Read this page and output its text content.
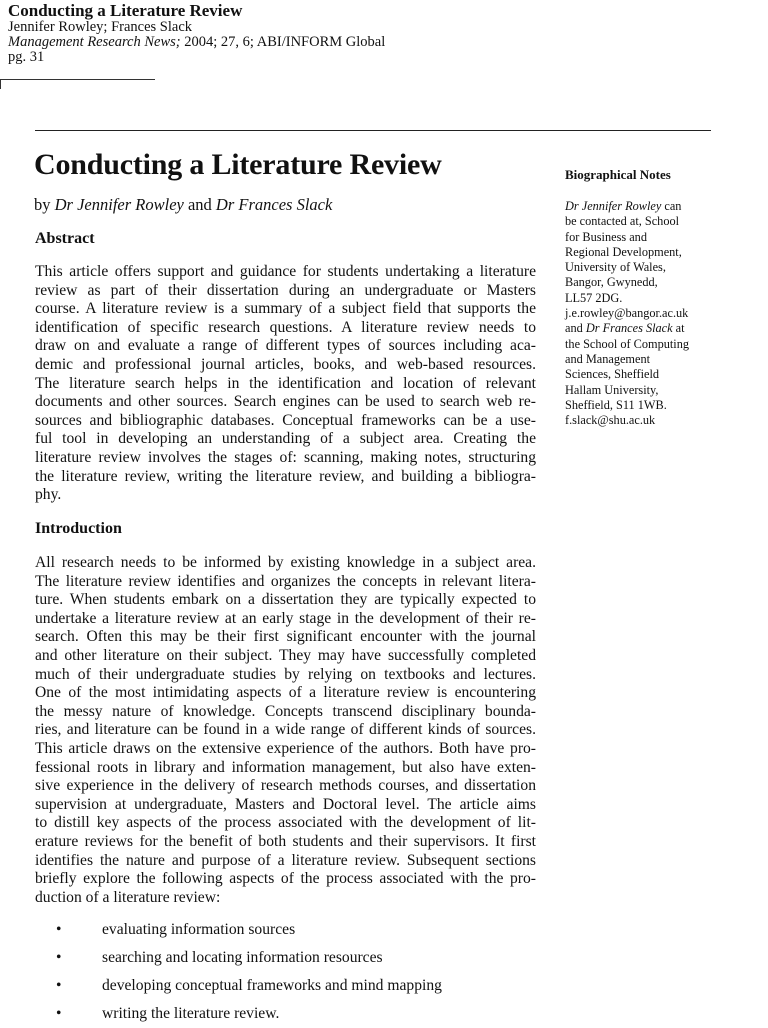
Conducting a Literature Review
Jennifer Rowley; Frances Slack
Management Research News; 2004; 27, 6; ABI/INFORM Global
pg. 31
Conducting a Literature Review
by Dr Jennifer Rowley and Dr Frances Slack
Abstract
This article offers support and guidance for students undertaking a literature
review as part of their dissertation during an undergraduate or Masters
course. A literature review is a summary of a subject field that supports the
identification of specific research questions. A literature review needs to
draw on and evaluate a range of different types of sources including aca-
demic and professional journal articles, books, and web-based resources.
The literature search helps in the identification and location of relevant
documents and other sources. Search engines can be used to search web re-
sources and bibliographic databases. Conceptual frameworks can be a use-
ful tool in developing an understanding of a subject area. Creating the
literature review involves the stages of: scanning, making notes, structuring
the literature review, writing the literature review, and building a bibliogra-
phy.
Introduction
All research needs to be informed by existing knowledge in a subject area.
The literature review identifies and organizes the concepts in relevant litera-
ture. When students embark on a dissertation they are typically expected to
undertake a literature review at an early stage in the development of their re-
search. Often this may be their first significant encounter with the journal
and other literature on their subject. They may have successfully completed
much of their undergraduate studies by relying on textbooks and lectures.
One of the most intimidating aspects of a literature review is encountering
the messy nature of knowledge. Concepts transcend disciplinary bounda-
ries, and literature can be found in a wide range of different kinds of sources.
This article draws on the extensive experience of the authors. Both have pro-
fessional roots in library and information management, but also have exten-
sive experience in the delivery of research methods courses, and dissertation
supervision at undergraduate, Masters and Doctoral level. The article aims
to distill key aspects of the process associated with the development of lit-
erature reviews for the benefit of both students and their supervisors. It first
identifies the nature and purpose of a literature review. Subsequent sections
briefly explore the following aspects of the process associated with the pro-
duction of a literature review:
•	evaluating information sources
•	searching and locating information resources
•	developing conceptual frameworks and mind mapping
•	writing the literature review.
Biographical Notes
Dr Jennifer Rowley can
be contacted at, School
for Business and
Regional Development,
University of Wales,
Bangor, Gwynedd,
LL57 2DG.
j.e.rowley@bangor.ac.uk
and Dr Frances Slack at
the School of Computing
and Management
Sciences, Sheffield
Hallam University,
Sheffield, S11 1WB.
f.slack@shu.ac.uk
